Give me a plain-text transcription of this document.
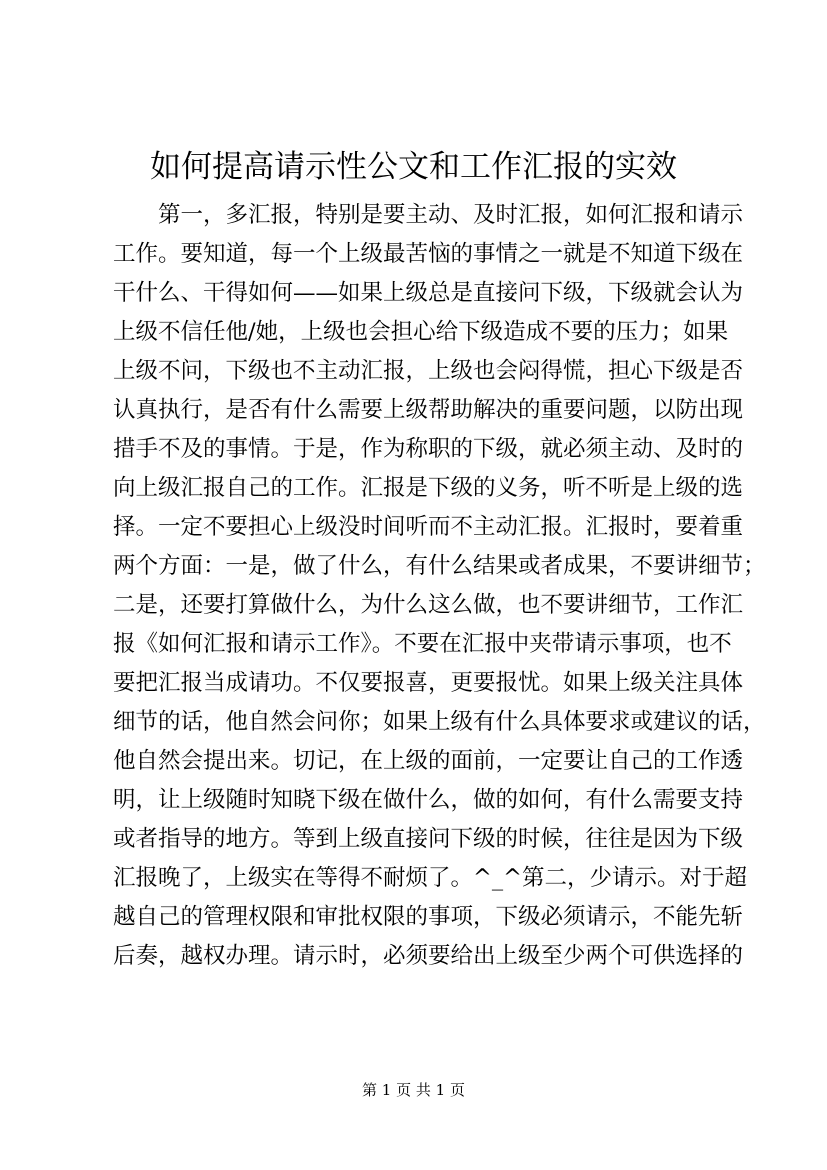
如何提高请示性公文和工作汇报的实效
第一，多汇报，特别是要主动、及时汇报，如何汇报和请示
工作。要知道，每一个上级最苦恼的事情之一就是不知道下级在
干什么、干得如何——如果上级总是直接问下级，下级就会认为
上级不信任他/她，上级也会担心给下级造成不要的压力；如果
上级不问，下级也不主动汇报，上级也会闷得慌，担心下级是否
认真执行，是否有什么需要上级帮助解决的重要问题，以防出现
措手不及的事情。于是，作为称职的下级，就必须主动、及时的
向上级汇报自己的工作。汇报是下级的义务，听不听是上级的选
择。一定不要担心上级没时间听而不主动汇报。汇报时，要着重
两个方面：一是，做了什么，有什么结果或者成果，不要讲细节；
二是，还要打算做什么，为什么这么做，也不要讲细节，工作汇
报《如何汇报和请示工作》。不要在汇报中夹带请示事项，也不
要把汇报当成请功。不仅要报喜，更要报忧。如果上级关注具体
细节的话，他自然会问你；如果上级有什么具体要求或建议的话，
他自然会提出来。切记，在上级的面前，一定要让自己的工作透
明，让上级随时知晓下级在做什么，做的如何，有什么需要支持
或者指导的地方。等到上级直接问下级的时候，往往是因为下级
汇报晚了，上级实在等得不耐烦了。^_^第二，少请示。对于超
越自己的管理权限和审批权限的事项，下级必须请示，不能先斩
后奏，越权办理。请示时，必须要给出上级至少两个可供选择的
第 1 页 共 1 页
